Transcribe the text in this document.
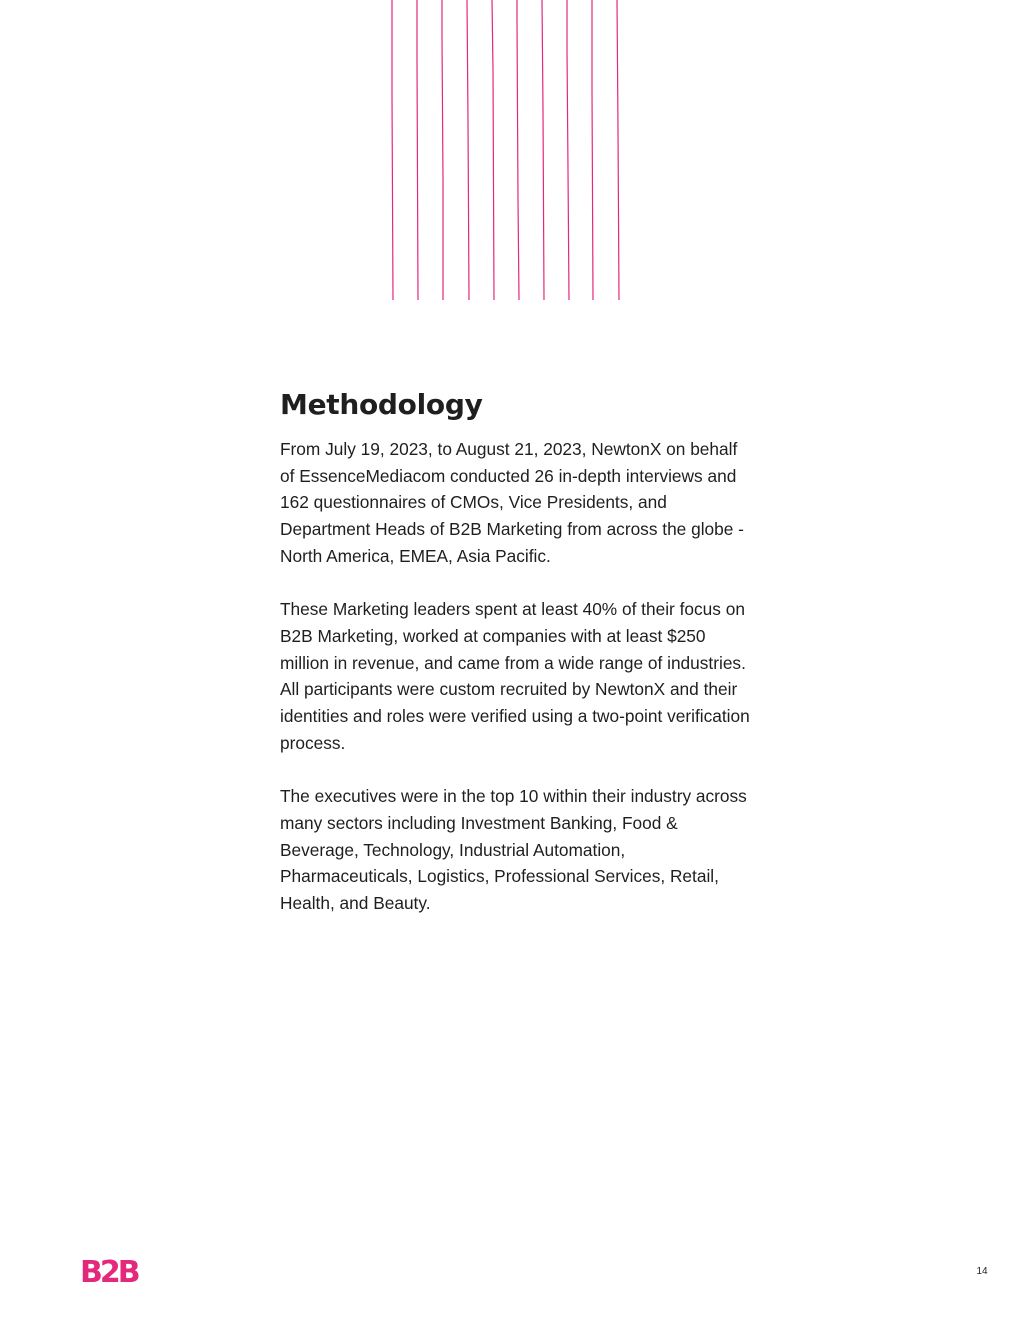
Methodology

From July 19, 2023, to August 21, 2023, NewtonX on behalf of EssenceMediacom conducted 26 in-depth interviews and 162 questionnaires of CMOs, Vice Presidents, and Department Heads of B2B Marketing from across the globe - North America, EMEA, Asia Pacific.

These Marketing leaders spent at least 40% of their focus on B2B Marketing, worked at companies with at least $250 million in revenue, and came from a wide range of industries. All participants were custom recruited by NewtonX and their identities and roles were verified using a two-point verification process.

The executives were in the top 10 within their industry across many sectors including Investment Banking, Food & Beverage, Technology, Industrial Automation, Pharmaceuticals, Logistics, Professional Services, Retail, Health, and Beauty.

B2B	14
